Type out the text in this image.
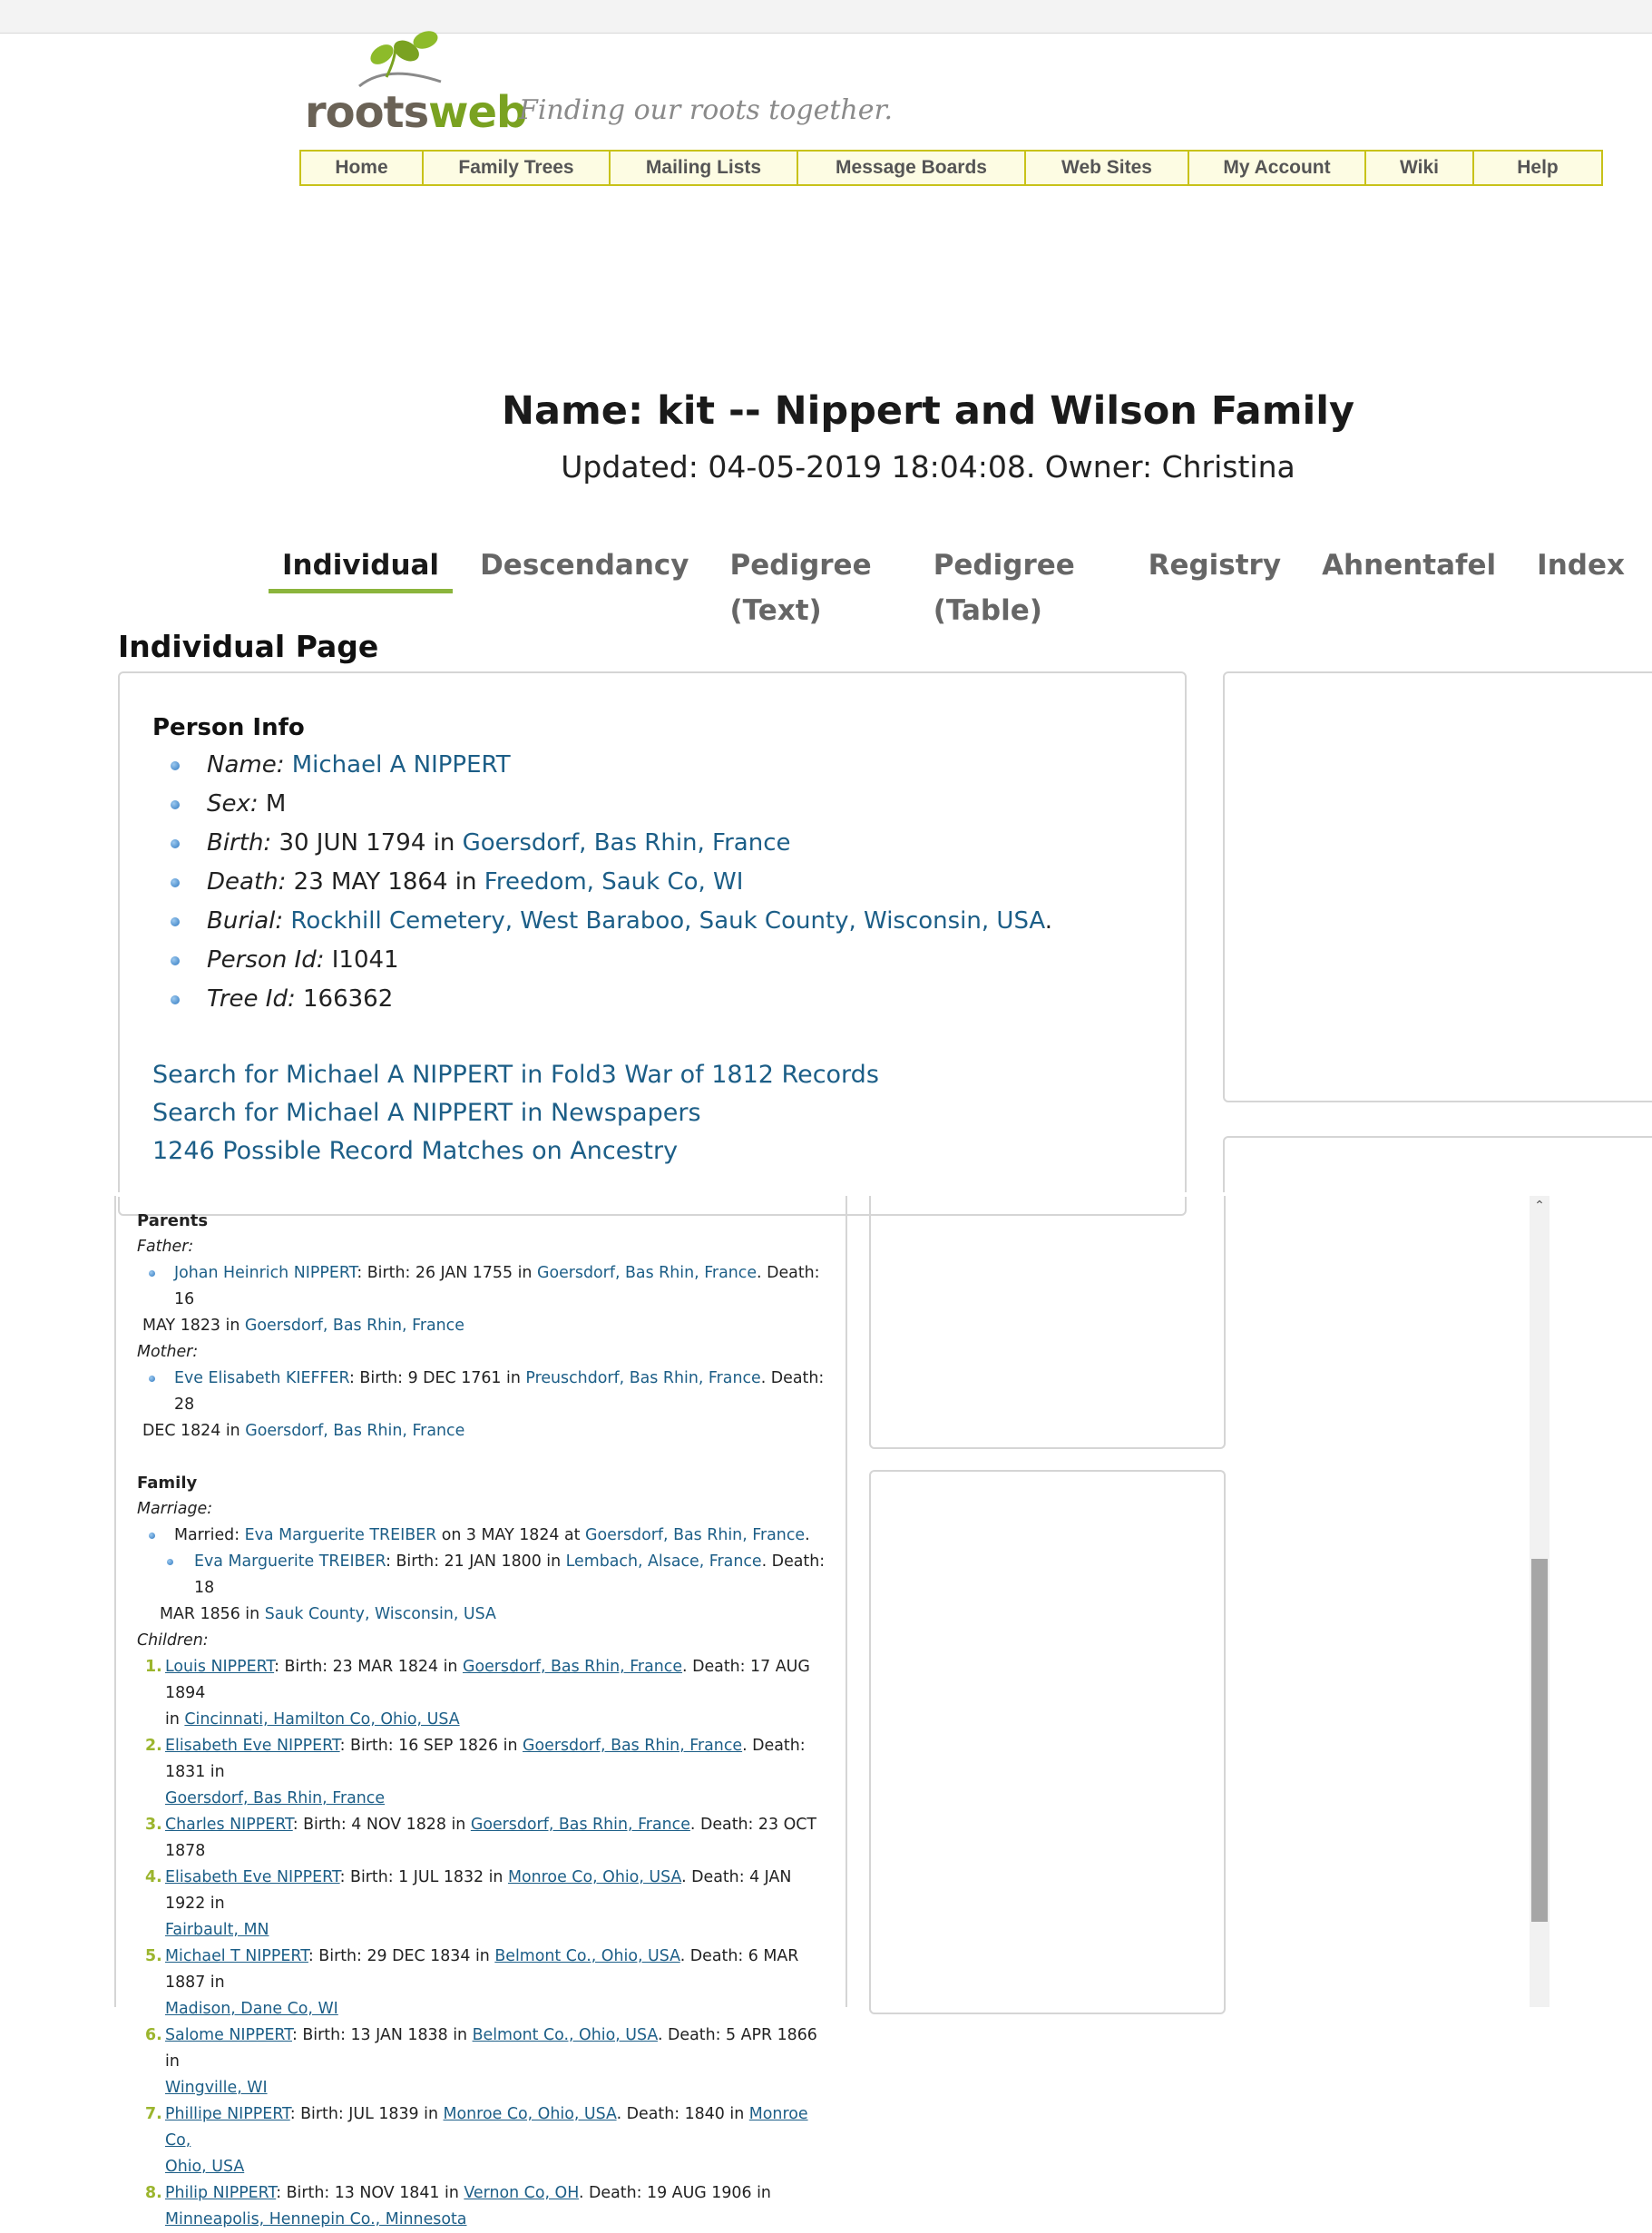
rootsweb
Finding our roots together.
Home	Family Trees	Mailing Lists	Message Boards	Web Sites	My Account	Wiki	Help
Name: kit -- Nippert and Wilson Family
Updated: 04-05-2019 18:04:08. Owner: Christina
Individual	Descendancy	Pedigree (Text)
Pedigree (Table)
Registry	Ahnentafel	Index
Individual Page
Person Info
Name: Michael A NIPPERT
Sex: M
Birth: 30 JUN 1794 in Goersdorf, Bas Rhin, France
Death: 23 MAY 1864 in Freedom, Sauk Co, WI
Burial: Rockhill Cemetery, West Baraboo, Sauk County, Wisconsin, USA.
Person Id: I1041
Tree Id: 166362
Search for Michael A NIPPERT in Fold3 War of 1812 Records
Search for Michael A NIPPERT in Newspapers
1246 Possible Record Matches on Ancestry
Parents
Father:
Johan Heinrich NIPPERT: Birth: 26 JAN 1755 in Goersdorf, Bas Rhin, France. Death: 16
MAY 1823 in Goersdorf, Bas Rhin, France
Mother:
Eve Elisabeth KIEFFER: Birth: 9 DEC 1761 in Preuschdorf, Bas Rhin, France. Death: 28
DEC 1824 in Goersdorf, Bas Rhin, France
Family
Marriage:
Married: Eva Marguerite TREIBER on 3 MAY 1824 at Goersdorf, Bas Rhin, France.
Eva Marguerite TREIBER: Birth: 21 JAN 1800 in Lembach, Alsace, France. Death: 18
MAR 1856 in Sauk County, Wisconsin, USA
Children:
1. Louis NIPPERT: Birth: 23 MAR 1824 in Goersdorf, Bas Rhin, France. Death: 17 AUG 1894
in Cincinnati, Hamilton Co, Ohio, USA
2. Elisabeth Eve NIPPERT: Birth: 16 SEP 1826 in Goersdorf, Bas Rhin, France. Death: 1831 in
Goersdorf, Bas Rhin, France
3. Charles NIPPERT: Birth: 4 NOV 1828 in Goersdorf, Bas Rhin, France. Death: 23 OCT 1878
4. Elisabeth Eve NIPPERT: Birth: 1 JUL 1832 in Monroe Co, Ohio, USA. Death: 4 JAN 1922 in
Fairbault, MN
5. Michael T NIPPERT: Birth: 29 DEC 1834 in Belmont Co., Ohio, USA. Death: 6 MAR 1887 in
Madison, Dane Co, WI
6. Salome NIPPERT: Birth: 13 JAN 1838 in Belmont Co., Ohio, USA. Death: 5 APR 1866 in
Wingville, WI
7. Phillipe NIPPERT: Birth: JUL 1839 in Monroe Co, Ohio, USA. Death: 1840 in Monroe Co,
Ohio, USA
8. Philip NIPPERT: Birth: 13 NOV 1841 in Vernon Co, OH. Death: 19 AUG 1906 in
Minneapolis, Hennepin Co., Minnesota
⌃
